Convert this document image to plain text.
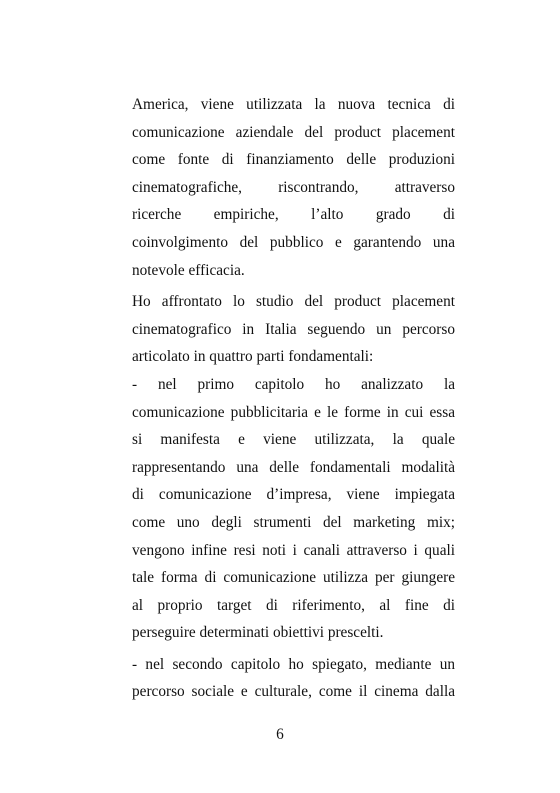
America, viene utilizzata la nuova tecnica di
comunicazione aziendale del product placement
come fonte di finanziamento delle produzioni
cinematografiche, riscontrando, attraverso
ricerche empiriche, l’alto grado di
coinvolgimento del pubblico e garantendo una
notevole efficacia.
Ho affrontato lo studio del product placement
cinematografico in Italia seguendo un percorso
articolato in quattro parti fondamentali:
- nel primo capitolo ho analizzato la
comunicazione pubblicitaria e le forme in cui essa
si manifesta e viene utilizzata, la quale
rappresentando una delle fondamentali modalità
di comunicazione d’impresa, viene impiegata
come uno degli strumenti del marketing mix;
vengono infine resi noti i canali attraverso i quali
tale forma di comunicazione utilizza per giungere
al proprio target di riferimento, al fine di
perseguire determinati obiettivi prescelti.
- nel secondo capitolo ho spiegato, mediante un
percorso sociale e culturale, come il cinema dalla
6
